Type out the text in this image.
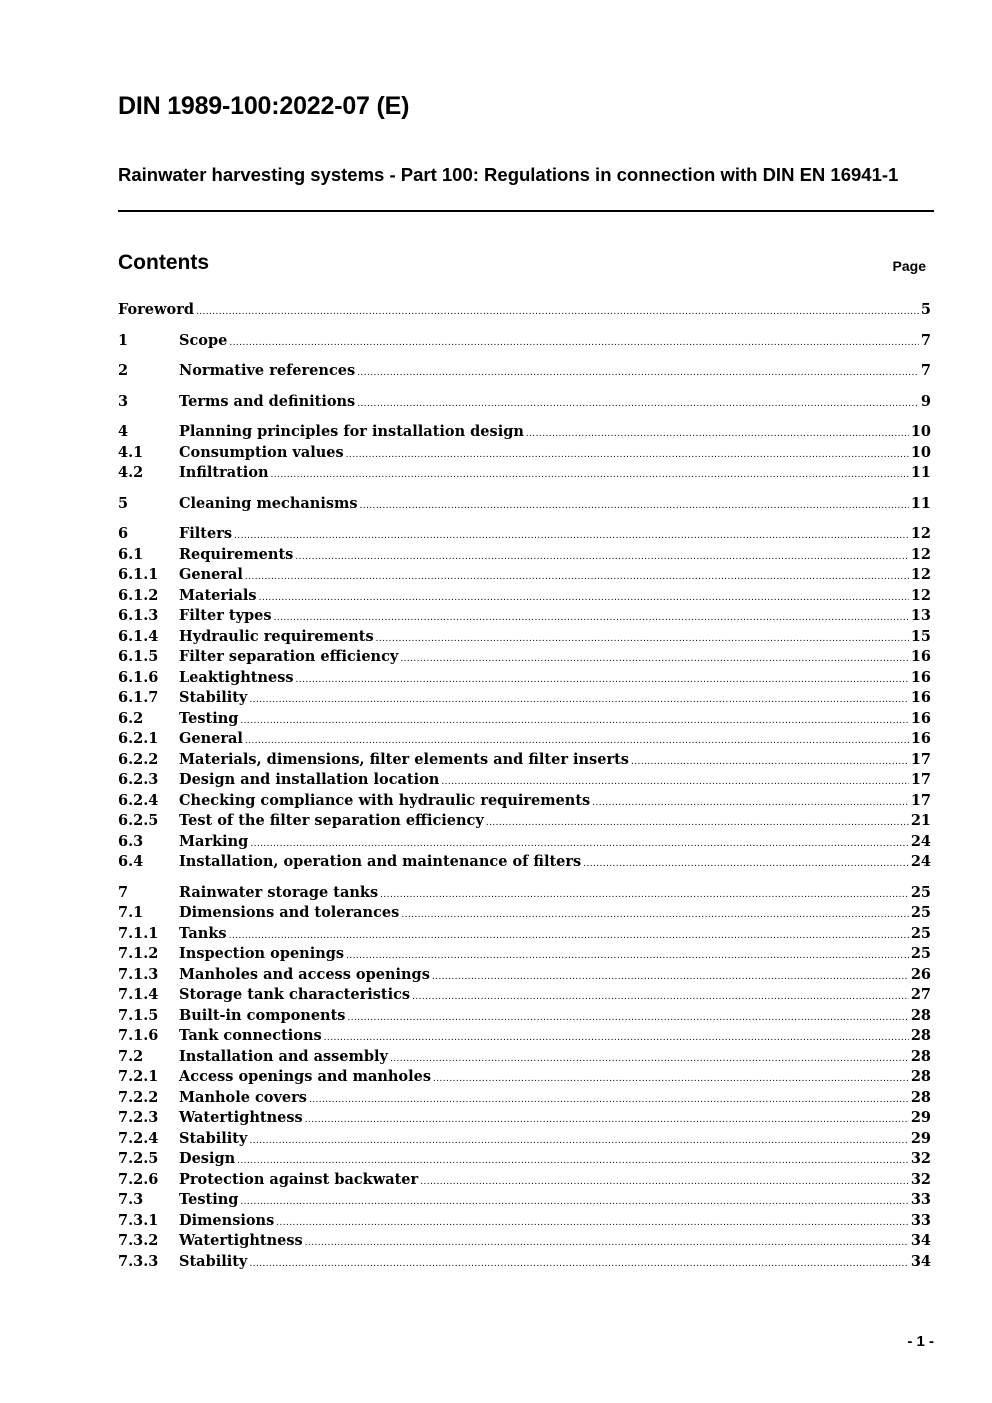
DIN 1989-100:2022-07 (E)
Rainwater harvesting systems - Part 100: Regulations in connection with DIN EN 16941-1
Contents	Page
Foreword .....	5
1	Scope .....	7
2	Normative references .....	7
3	Terms and definitions .....	9
4	Planning principles for installation design .....	10
4.1	Consumption values .....	10
4.2	Infiltration .....	11
5	Cleaning mechanisms .....	11
6	Filters .....	12
6.1	Requirements .....	12
6.1.1	General .....	12
6.1.2	Materials .....	12
6.1.3	Filter types .....	13
6.1.4	Hydraulic requirements .....	15
6.1.5	Filter separation efficiency .....	16
6.1.6	Leaktightness .....	16
6.1.7	Stability .....	16
6.2	Testing .....	16
6.2.1	General .....	16
6.2.2	Materials, dimensions, filter elements and filter inserts .....	17
6.2.3	Design and installation location .....	17
6.2.4	Checking compliance with hydraulic requirements .....	17
6.2.5	Test of the filter separation efficiency .....	21
6.3	Marking .....	24
6.4	Installation, operation and maintenance of filters .....	24
7	Rainwater storage tanks .....	25
7.1	Dimensions and tolerances .....	25
7.1.1	Tanks .....	25
7.1.2	Inspection openings .....	25
7.1.3	Manholes and access openings .....	26
7.1.4	Storage tank characteristics .....	27
7.1.5	Built-in components .....	28
7.1.6	Tank connections .....	28
7.2	Installation and assembly .....	28
7.2.1	Access openings and manholes .....	28
7.2.2	Manhole covers .....	28
7.2.3	Watertightness .....	29
7.2.4	Stability .....	29
7.2.5	Design .....	32
7.2.6	Protection against backwater .....	32
7.3	Testing .....	33
7.3.1	Dimensions .....	33
7.3.2	Watertightness .....	34
7.3.3	Stability .....	34
- 1 -
